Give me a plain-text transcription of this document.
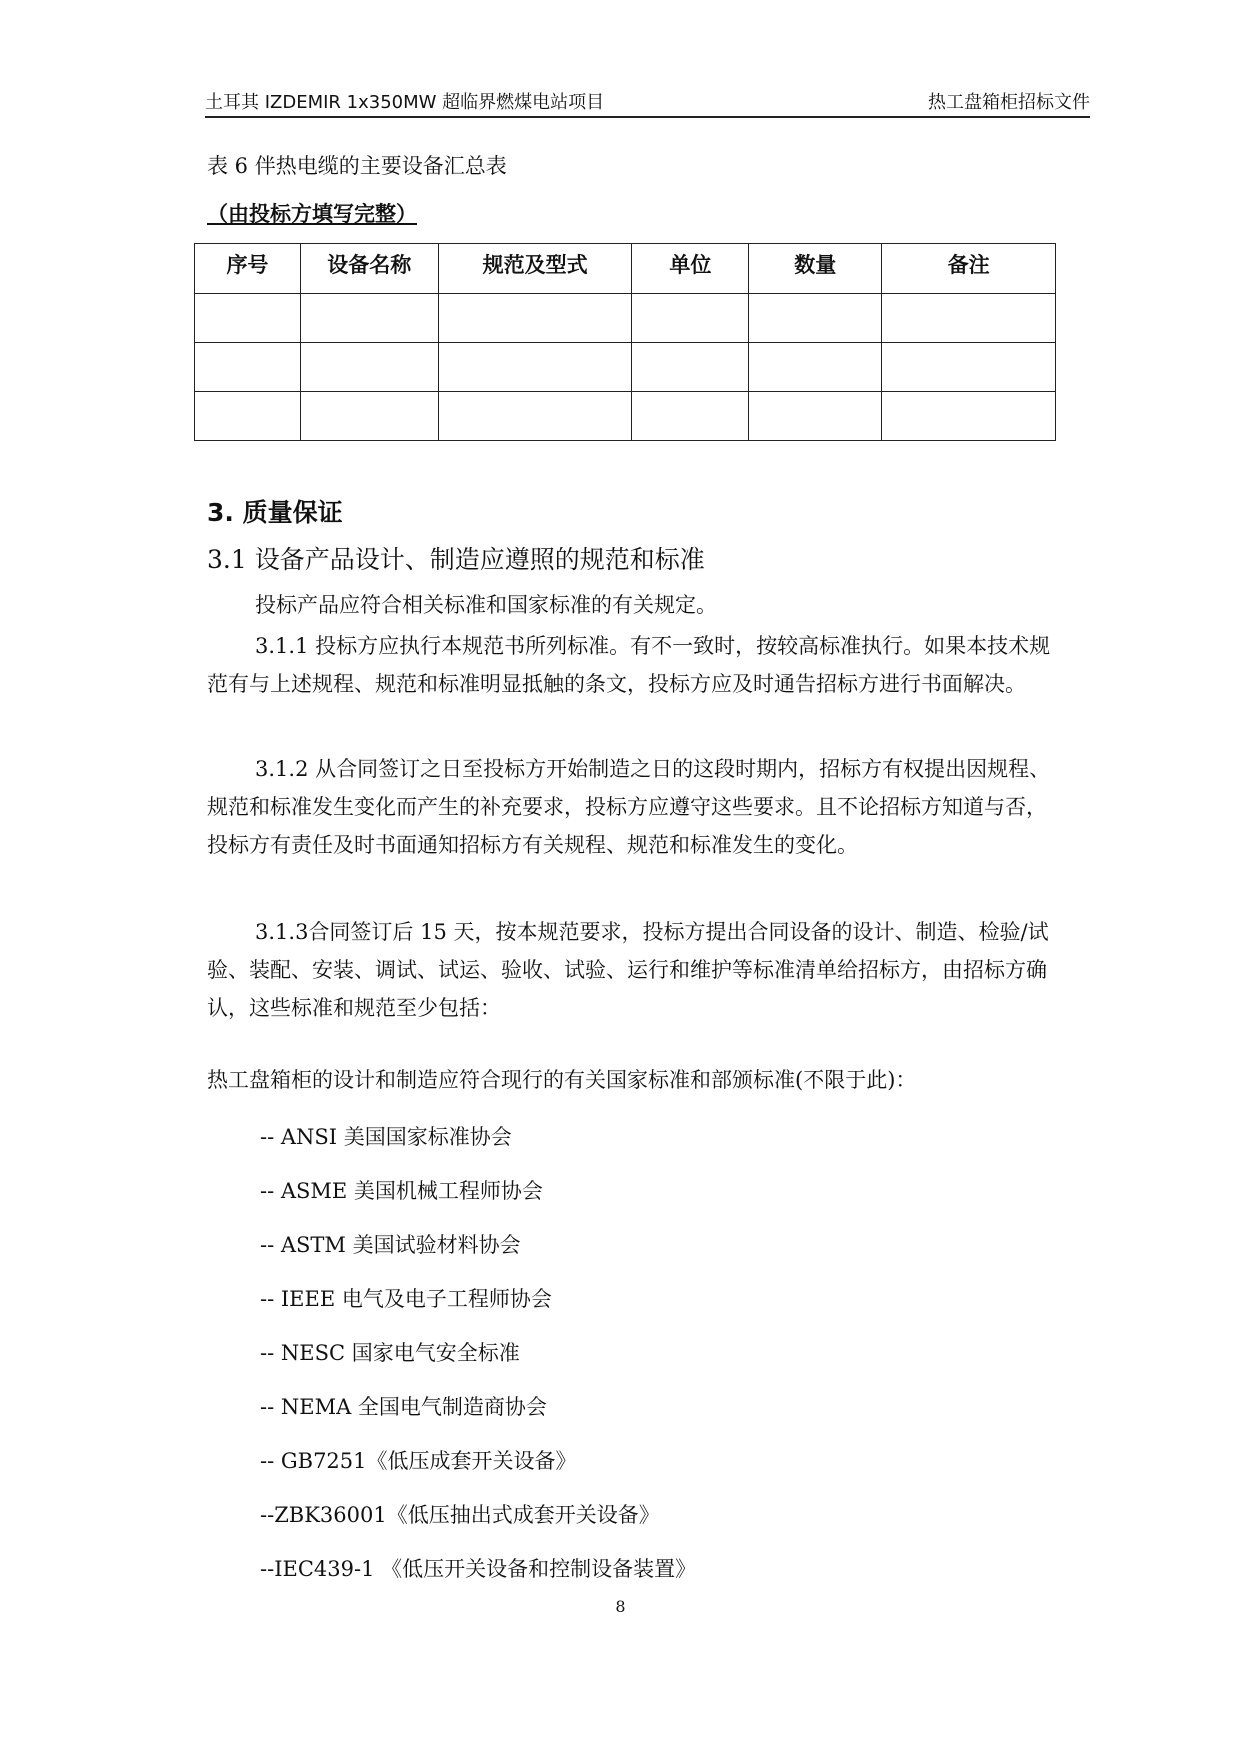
土耳其 IZDEMIR 1x350MW 超临界燃煤电站项目	热工盘箱柜招标文件
表 6 伴热电缆的主要设备汇总表
（由投标方填写完整）
序号	设备名称	规范及型式	单位	数量	备注

3. 质量保证
3.1 设备产品设计、制造应遵照的规范和标准
投标产品应符合相关标准和国家标准的有关规定。
3.1.1 投标方应执行本规范书所列标准。有不一致时，按较高标准执行。如果本技术规范有与上述规程、规范和标准明显抵触的条文，投标方应及时通告招标方进行书面解决。
3.1.2 从合同签订之日至投标方开始制造之日的这段时期内，招标方有权提出因规程、规范和标准发生变化而产生的补充要求，投标方应遵守这些要求。且不论招标方知道与否，投标方有责任及时书面通知招标方有关规程、规范和标准发生的变化。
3.1.3合同签订后 15 天，按本规范要求，投标方提出合同设备的设计、制造、检验/试验、装配、安装、调试、试运、验收、试验、运行和维护等标准清单给招标方，由招标方确认，这些标准和规范至少包括：
热工盘箱柜的设计和制造应符合现行的有关国家标准和部颁标准(不限于此)：
-- ANSI 美国国家标准协会
-- ASME 美国机械工程师协会
-- ASTM 美国试验材料协会
-- IEEE 电气及电子工程师协会
-- NESC 国家电气安全标准
-- NEMA 全国电气制造商协会
-- GB7251《低压成套开关设备》
--ZBK36001《低压抽出式成套开关设备》
--IEC439-1 《低压开关设备和控制设备装置》
8
